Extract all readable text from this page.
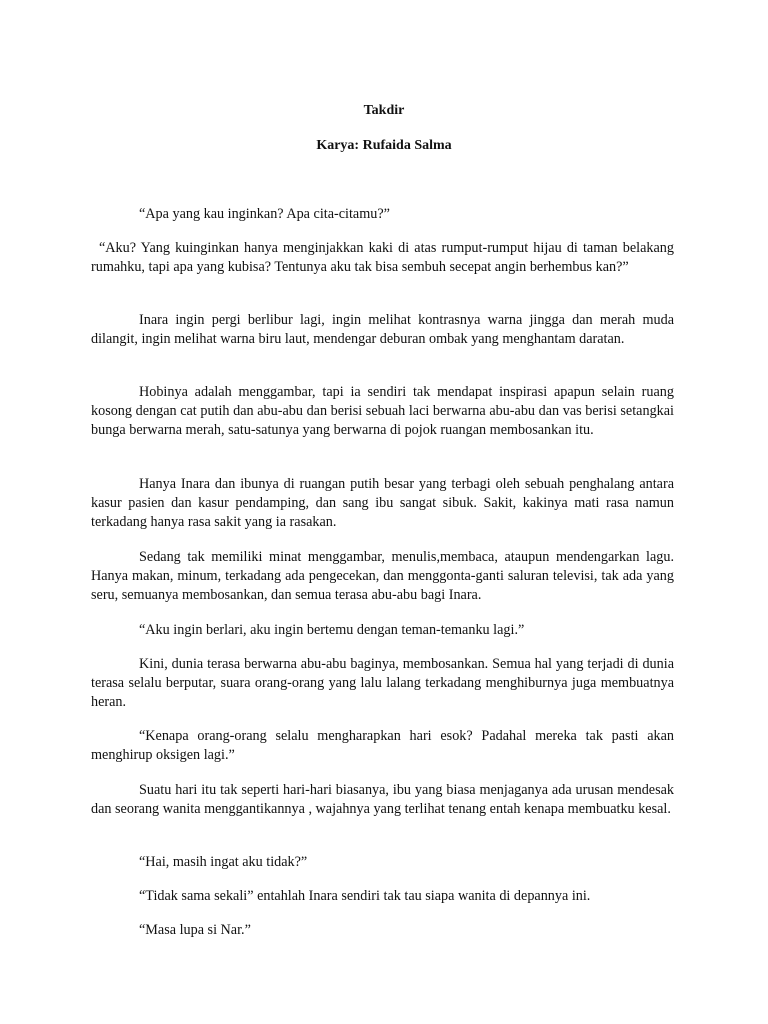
Takdir
Karya: Rufaida Salma

“Apa yang kau inginkan? Apa cita-citamu?”

“Aku? Yang kuinginkan hanya menginjakkan kaki di atas rumput-rumput hijau di taman belakang rumahku, tapi apa yang kubisa? Tentunya aku tak bisa sembuh secepat angin berhembus kan?”

Inara ingin pergi berlibur lagi, ingin melihat kontrasnya warna jingga dan merah muda dilangit, ingin melihat warna biru laut, mendengar deburan ombak yang menghantam daratan.

Hobinya adalah menggambar, tapi ia sendiri tak mendapat inspirasi apapun selain ruang kosong dengan cat putih dan abu-abu dan berisi sebuah laci berwarna abu-abu dan vas berisi setangkai bunga berwarna merah, satu-satunya yang berwarna di pojok ruangan membosankan itu.

Hanya Inara dan ibunya di ruangan putih besar yang terbagi oleh sebuah penghalang antara kasur pasien dan kasur pendamping, dan sang ibu sangat sibuk. Sakit, kakinya mati rasa namun terkadang hanya rasa sakit yang ia rasakan.

Sedang tak memiliki minat menggambar, menulis,membaca, ataupun mendengarkan lagu. Hanya makan, minum, terkadang ada pengecekan, dan menggonta-ganti saluran televisi, tak ada yang seru, semuanya membosankan, dan semua terasa abu-abu bagi Inara.

“Aku ingin berlari, aku ingin bertemu dengan teman-temanku lagi.”

Kini, dunia terasa berwarna abu-abu baginya, membosankan. Semua hal yang terjadi di dunia terasa selalu berputar, suara orang-orang yang lalu lalang terkadang menghiburnya juga membuatnya heran.

“Kenapa orang-orang selalu mengharapkan hari esok? Padahal mereka tak pasti akan menghirup oksigen lagi.”

Suatu hari itu tak seperti hari-hari biasanya, ibu yang biasa menjaganya ada urusan mendesak dan seorang wanita menggantikannya , wajahnya yang terlihat tenang entah kenapa membuatku kesal.

“Hai, masih ingat aku tidak?”

“Tidak sama sekali” entahlah Inara sendiri tak tau siapa wanita di depannya ini.

“Masa lupa si Nar.”
